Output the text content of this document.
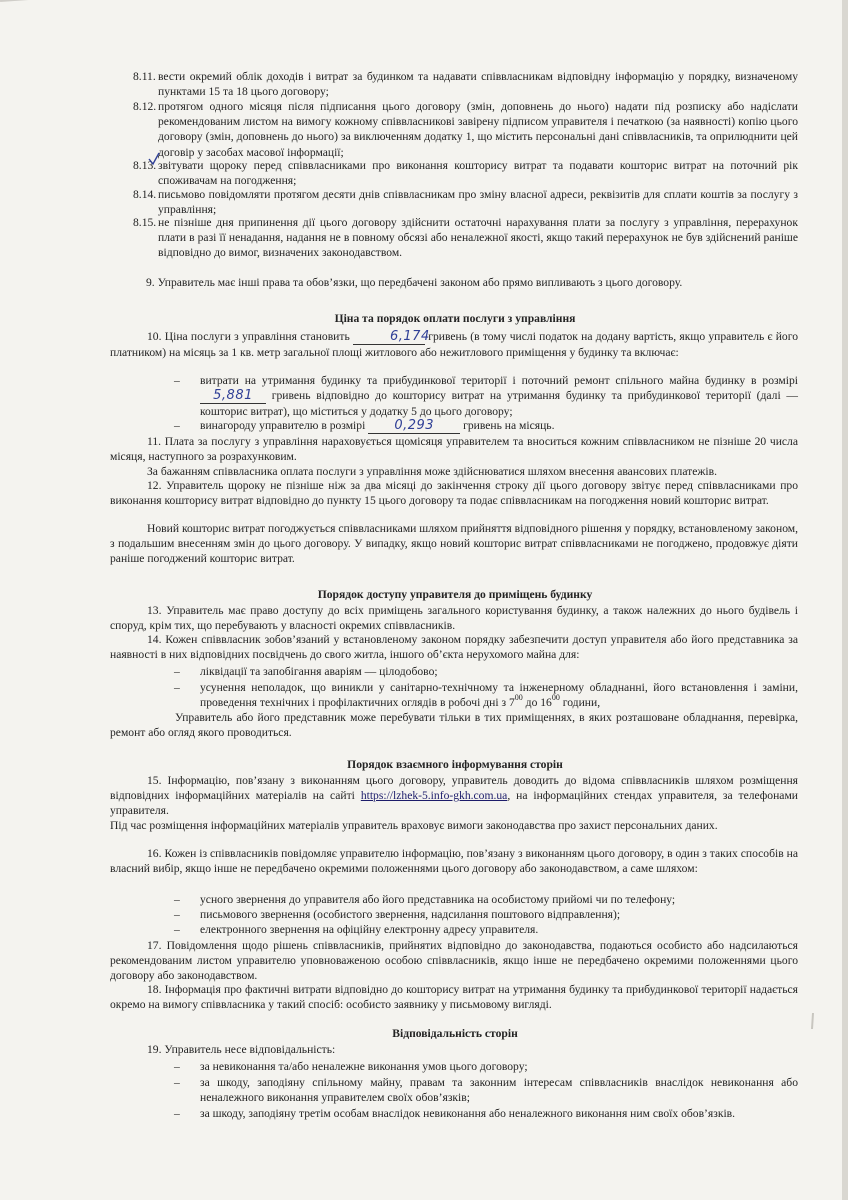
8.11. вести окремий облік доходів і витрат за будинком та надавати співвласникам відповідну інформацію у порядку, визначеному пунктами 15 та 18 цього договору;
8.12. протягом одного місяця після підписання цього договору (змін, доповнень до нього) надати під розписку або надіслати рекомендованим листом на вимогу кожному співвласникові завірену підписом управителя і печаткою (за наявності) копію цього договору (змін, доповнень до нього) за виключенням додатку 1, що містить персональні дані співвласників, та оприлюднити цей договір у засобах масової інформації;
8.13. звітувати щороку перед співвласниками про виконання кошторису витрат та подавати кошторис витрат на поточний рік споживачам на погодження;
8.14. письмово повідомляти протягом десяти днів співвласникам про зміну власної адреси, реквізитів для сплати коштів за послугу з управління;
8.15. не пізніше дня припинення дії цього договору здійснити остаточні нарахування плати за послугу з управління, перерахунок плати в разі її ненадання, надання не в повному обсязі або неналежної якості, якщо такий перерахунок не був здійснений раніше відповідно до вимог, визначених законодавством.
9. Управитель має інші права та обов’язки, що передбачені законом або прямо випливають з цього договору.
Ціна та порядок оплати послуги з управління
10. Ціна послуги з управління становить	6,174 гривень (в тому числі податок на додану вартість, якщо управитель є його платником) на місяць за 1 кв. метр загальної площі житлового або нежитлового приміщення у будинку та включає:
– витрати на утримання будинку та прибудинкової території і поточний ремонт спільного майна будинку в розмірі 5,881 гривень відповідно до кошторису витрат на утримання будинку та прибудинкової території (далі — кошторис витрат), що міститься у додатку 5 до цього договору;
– винагороду управителю в розмірі 0,293	гривень на місяць.
11. Плата за послугу з управління нараховується щомісяця управителем та вноситься кожним співвласником не пізніше 20 числа місяця, наступного за розрахунковим.
За бажанням співвласника оплата послуги з управління може здійснюватися шляхом внесення авансових платежів.
12. Управитель щороку не пізніше ніж за два місяці до закінчення строку дії цього договору звітує перед співвласниками про виконання кошторису витрат відповідно до пункту 15 цього договору та подає співвласникам на погодження новий кошторис витрат.
Новий кошторис витрат погоджується співвласниками шляхом прийняття відповідного рішення у порядку, встановленому законом, з подальшим внесенням змін до цього договору. У випадку, якщо новий кошторис витрат співвласниками не погоджено, продовжує діяти раніше погоджений кошторис витрат.
Порядок доступу управителя до приміщень будинку
13. Управитель має право доступу до всіх приміщень загального користування будинку, а також належних до нього будівель і споруд, крім тих, що перебувають у власності окремих співвласників.
14. Кожен співвласник зобов’язаний у встановленому законом порядку забезпечити доступ управителя або його представника за наявності в них відповідних посвідчень до свого житла, іншого об’єкта нерухомого майна для:
– ліквідації та запобігання аваріям — цілодобово;
– усунення неполадок, що виникли у санітарно-технічному та інженерному обладнанні, його встановлення і заміни, проведення технічних і профілактичних оглядів в робочі дні з $7^{00}$ до $16^{00}$ години,
Управитель або його представник може перебувати тільки в тих приміщеннях, в яких розташоване обладнання, перевірка, ремонт або огляд якого проводиться.
Порядок взаємного інформування сторін
15. Інформацію, пов’язану з виконанням цього договору, управитель доводить до відома співвласників шляхом розміщення відповідних інформаційних матеріалів на сайті https://lzhek-5.info-gkh.com.ua, на інформаційних стендах управителя, за телефонами управителя.
Під час розміщення інформаційних матеріалів управитель враховує вимоги законодавства про захист персональних даних.
16. Кожен із співвласників повідомляє управителю інформацію, пов’язану з виконанням цього договору, в один з таких способів на власний вибір, якщо інше не передбачено окремими положеннями цього договору або законодавством, а саме шляхом:
– усного звернення до управителя або його представника на особистому прийомі чи по телефону;
– письмового звернення (особистого звернення, надсилання поштового відправлення);
– електронного звернення на офіційну електронну адресу управителя.
17. Повідомлення щодо рішень співвласників, прийнятих відповідно до законодавства, подаються особисто або надсилаються рекомендованим листом управителю уповноваженою особою співвласників, якщо інше не передбачено окремими положеннями цього договору або законодавством.
18. Інформація про фактичні витрати відповідно до кошторису витрат на утримання будинку та прибудинкової території надається окремо на вимогу співвласника у такий спосіб: особисто заявнику у письмовому вигляді.
Відповідальність сторін
19. Управитель несе відповідальність:
– за невиконання та/або неналежне виконання умов цього договору;
– за шкоду, заподіяну спільному майну, правам та законним інтересам співвласників внаслідок невиконання або неналежного виконання управителем своїх обов’язків;
– за шкоду, заподіяну третім особам внаслідок невиконання або неналежного виконання ним своїх обов’язків.
